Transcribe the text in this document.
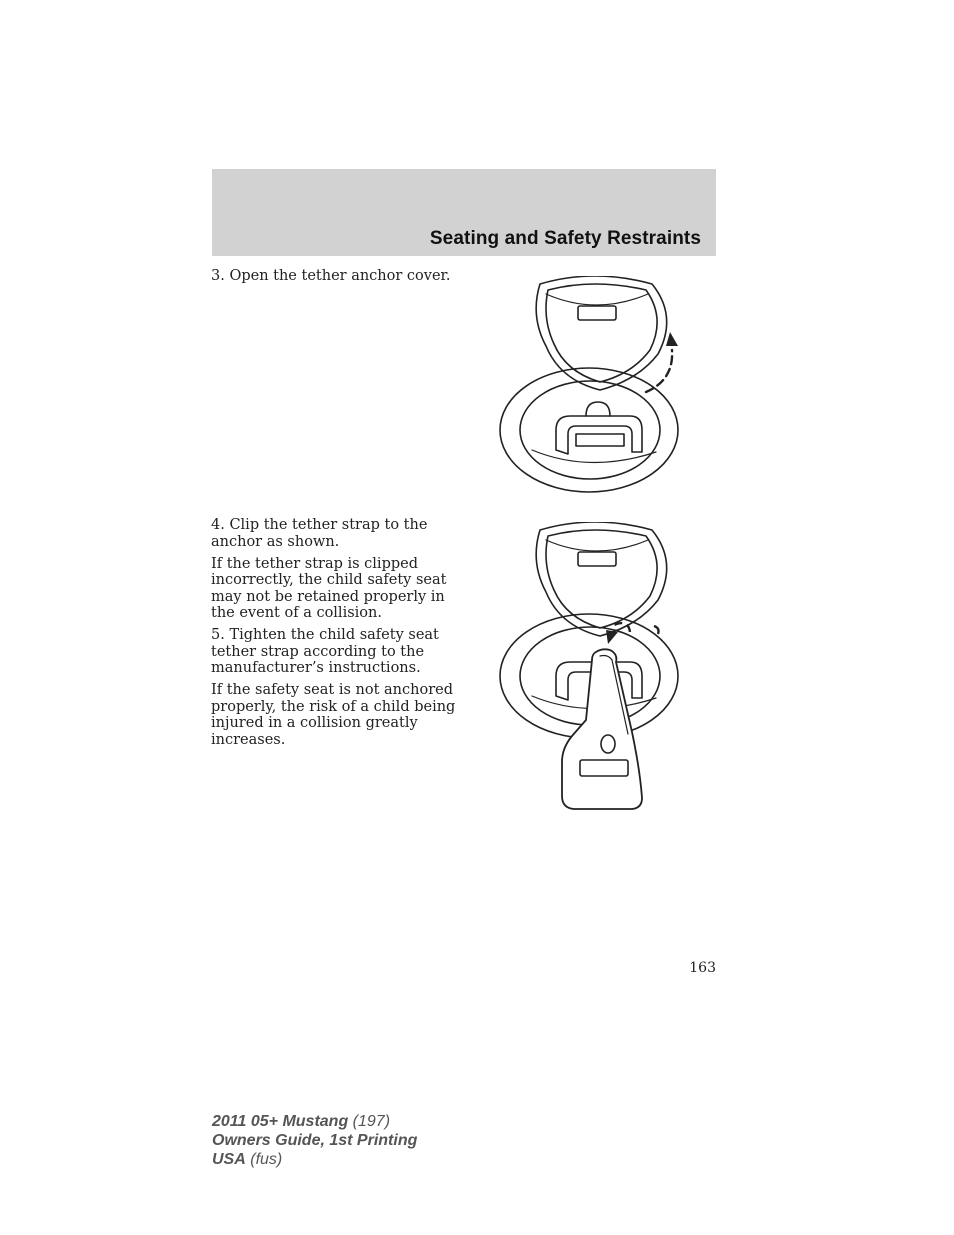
Seating and Safety Restraints

3. Open the tether anchor cover.

4. Clip the tether strap to the anchor as shown.

If the tether strap is clipped incorrectly, the child safety seat may not be retained properly in the event of a collision.

5. Tighten the child safety seat tether strap according to the manufacturer’s instructions.

If the safety seat is not anchored properly, the risk of a child being injured in a collision greatly increases.

163
2011 05+ Mustang (197)
Owners Guide, 1st Printing
USA (fus)
